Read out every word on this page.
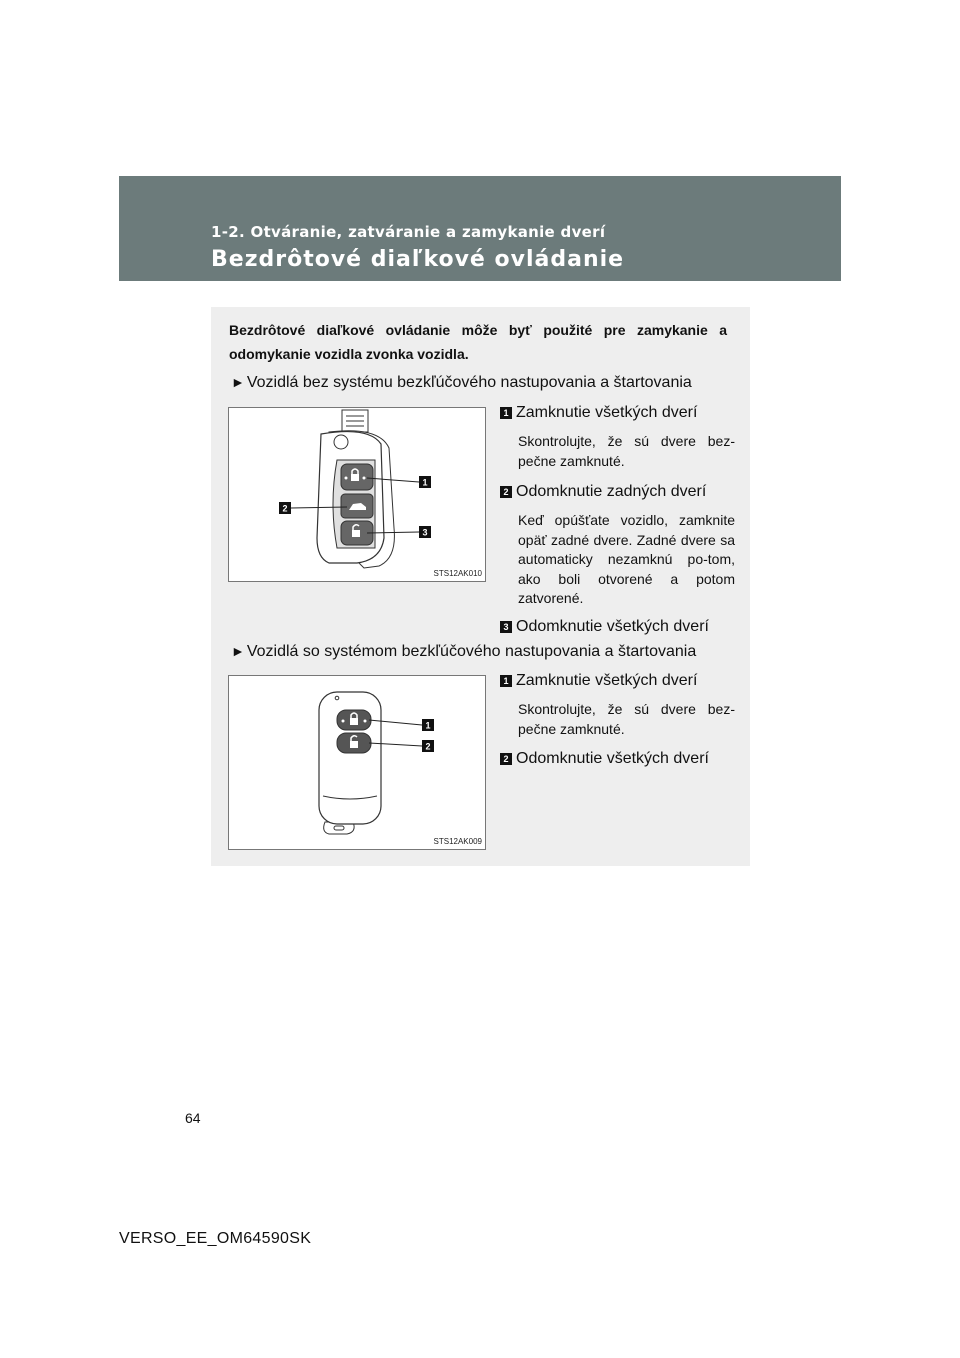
1-2. Otváranie, zatváranie a zamykanie dverí
Bezdrôtové diaľkové ovládanie
Bezdrôtové diaľkové ovládanie môže byť použité pre zamykanie a odomykanie vozidla zvonka vozidla.
► Vozidlá bez systému bezkľúčového nastupovania a štartovania
1
2
3
STS12AK010
1 Zamknutie všetkých dverí
Skontrolujte, že sú dvere bez-pečne zamknuté.
2 Odomknutie zadných dverí
Keď opúšťate vozidlo, zamknite opäť zadné dvere. Zadné dvere sa automaticky nezamknú po-tom, ako boli otvorené a potom zatvorené.
3 Odomknutie všetkých dverí
► Vozidlá so systémom bezkľúčového nastupovania a štartovania
1
2
STS12AK009
1 Zamknutie všetkých dverí
Skontrolujte, že sú dvere bez-pečne zamknuté.
2 Odomknutie všetkých dverí
64
VERSO_EE_OM64590SK
